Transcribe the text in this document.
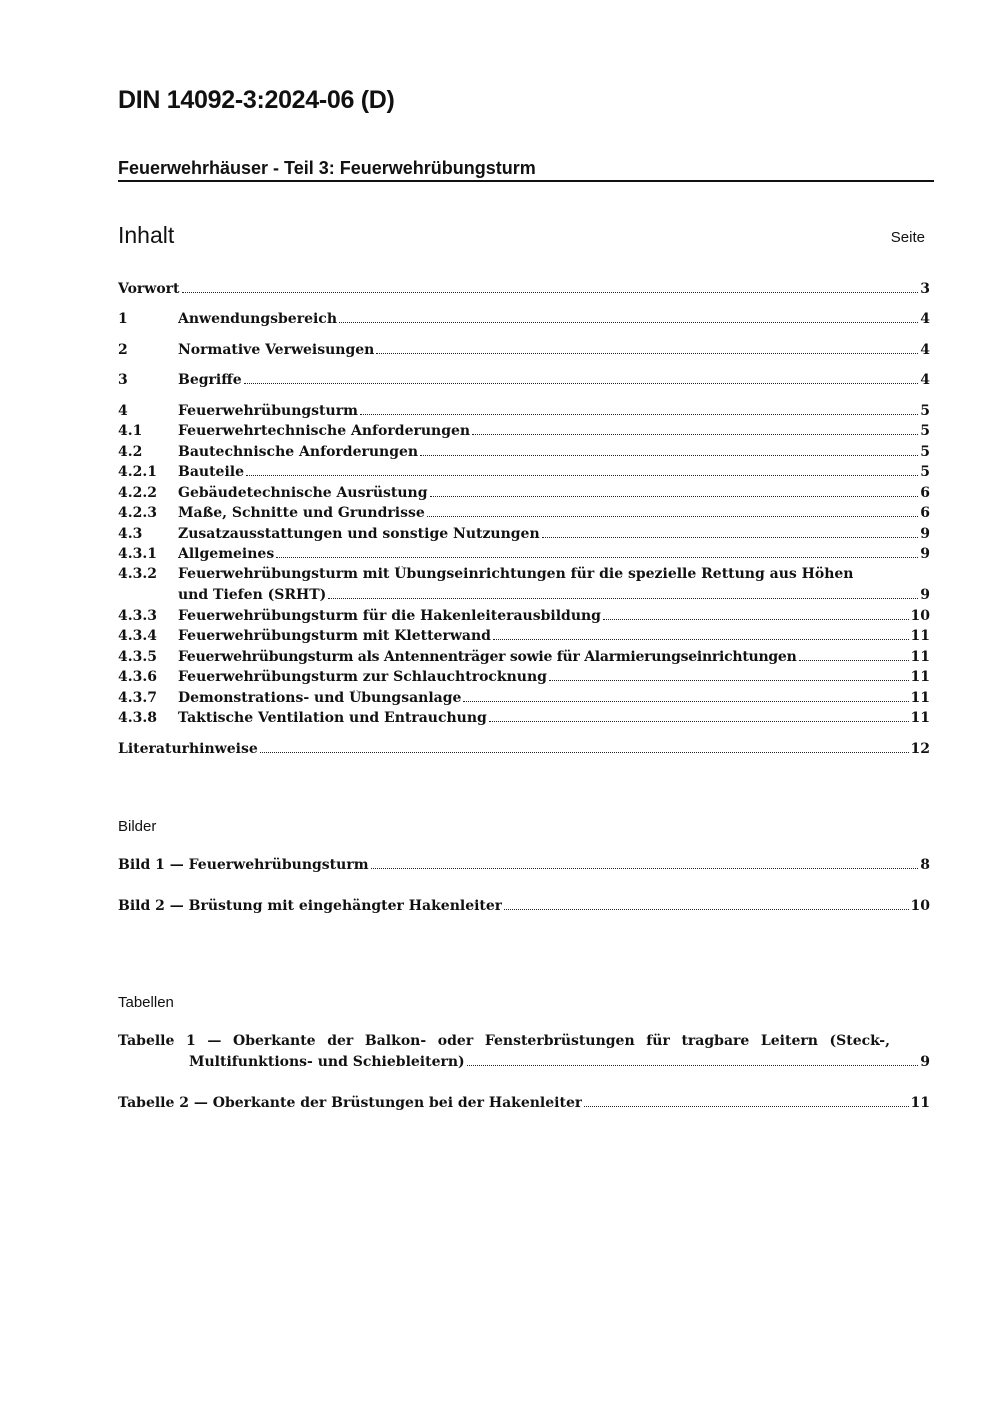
DIN 14092-3:2024-06 (D)
Feuerwehrhäuser - Teil 3: Feuerwehrübungsturm
Inhalt	Seite
Vorwort	3
1	Anwendungsbereich	4
2	Normative Verweisungen	4
3	Begriffe	4
4	Feuerwehrübungsturm	5
4.1	Feuerwehrtechnische Anforderungen	5
4.2	Bautechnische Anforderungen	5
4.2.1	Bauteile	5
4.2.2	Gebäudetechnische Ausrüstung	6
4.2.3	Maße, Schnitte und Grundrisse	6
4.3	Zusatzausstattungen und sonstige Nutzungen	9
4.3.1	Allgemeines	9
4.3.2	Feuerwehrübungsturm mit Übungseinrichtungen für die spezielle Rettung aus Höhen
und Tiefen (SRHT)	9
4.3.3	Feuerwehrübungsturm für die Hakenleiterausbildung	10
4.3.4	Feuerwehrübungsturm mit Kletterwand	11
4.3.5	Feuerwehrübungsturm als Antennenträger sowie für Alarmierungseinrichtungen	11
4.3.6	Feuerwehrübungsturm zur Schlauchtrocknung	11
4.3.7	Demonstrations- und Übungsanlage	11
4.3.8	Taktische Ventilation und Entrauchung	11
Literaturhinweise	12
Bilder
Bild 1 — Feuerwehrübungsturm	8
Bild 2 — Brüstung mit eingehängter Hakenleiter	10
Tabellen
Tabelle 1 — Oberkante der Balkon- oder Fensterbrüstungen für tragbare Leitern (Steck-,
Multifunktions- und Schiebleitern)	9
Tabelle 2 — Oberkante der Brüstungen bei der Hakenleiter	11
